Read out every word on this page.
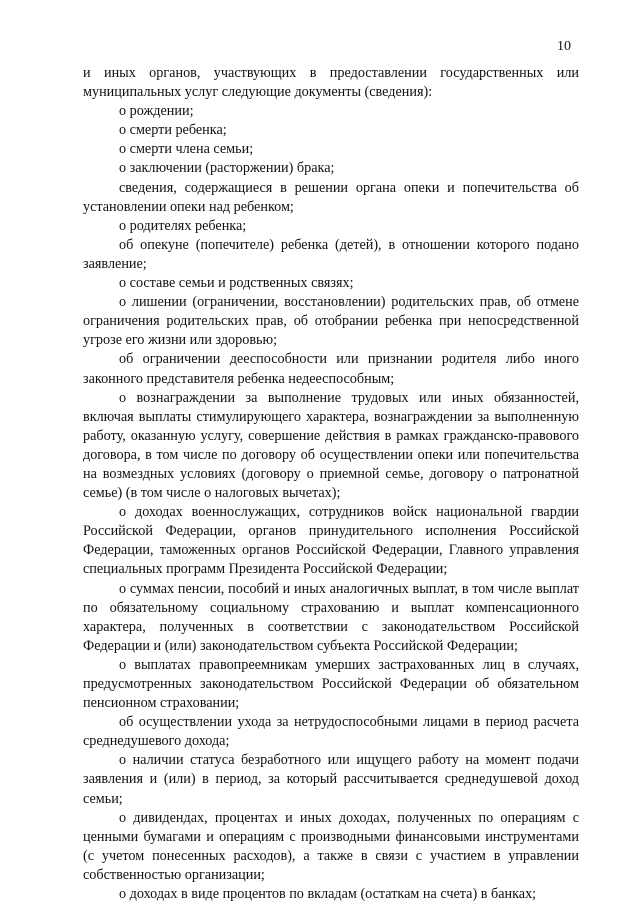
10

и иных органов, участвующих в предоставлении государственных или муниципальных услуг следующие документы (сведения):

о рождении;

о смерти ребенка;

о смерти члена семьи;

о заключении (расторжении) брака;

сведения, содержащиеся в решении органа опеки и попечительства об установлении опеки над ребенком;

о родителях ребенка;

об опекуне (попечителе) ребенка (детей), в отношении которого подано заявление;

о составе семьи и родственных связях;

о лишении (ограничении, восстановлении) родительских прав, об отмене ограничения родительских прав, об отобрании ребенка при непосредственной угрозе его жизни или здоровью;

об ограничении дееспособности или признании родителя либо иного законного представителя ребенка недееспособным;

о вознаграждении за выполнение трудовых или иных обязанностей, включая выплаты стимулирующего характера, вознаграждении за выполненную работу, оказанную услугу, совершение действия в рамках гражданско-правового договора, в том числе по договору об осуществлении опеки или попечительства на возмездных условиях (договору о приемной семье, договору о патронатной семье) (в том числе о налоговых вычетах);

о доходах военнослужащих, сотрудников войск национальной гвардии Российской Федерации, органов принудительного исполнения Российской Федерации, таможенных органов Российской Федерации, Главного управления специальных программ Президента Российской Федерации;

о суммах пенсии, пособий и иных аналогичных выплат, в том числе выплат по обязательному социальному страхованию и выплат компенсационного характера, полученных в соответствии с законодательством Российской Федерации и (или) законодательством субъекта Российской Федерации;

о выплатах правопреемникам умерших застрахованных лиц в случаях, предусмотренных законодательством Российской Федерации об обязательном пенсионном страховании;

об осуществлении ухода за нетрудоспособными лицами в период расчета среднедушевого дохода;

о наличии статуса безработного или ищущего работу на момент подачи заявления и (или) в период, за который рассчитывается среднедушевой доход семьи;

о дивидендах, процентах и иных доходах, полученных по операциям с ценными бумагами и операциям с производными финансовыми инструментами (с учетом понесенных расходов), а также в связи с участием в управлении собственностью организации;

о доходах в виде процентов по вкладам (остаткам на счета) в банках;
